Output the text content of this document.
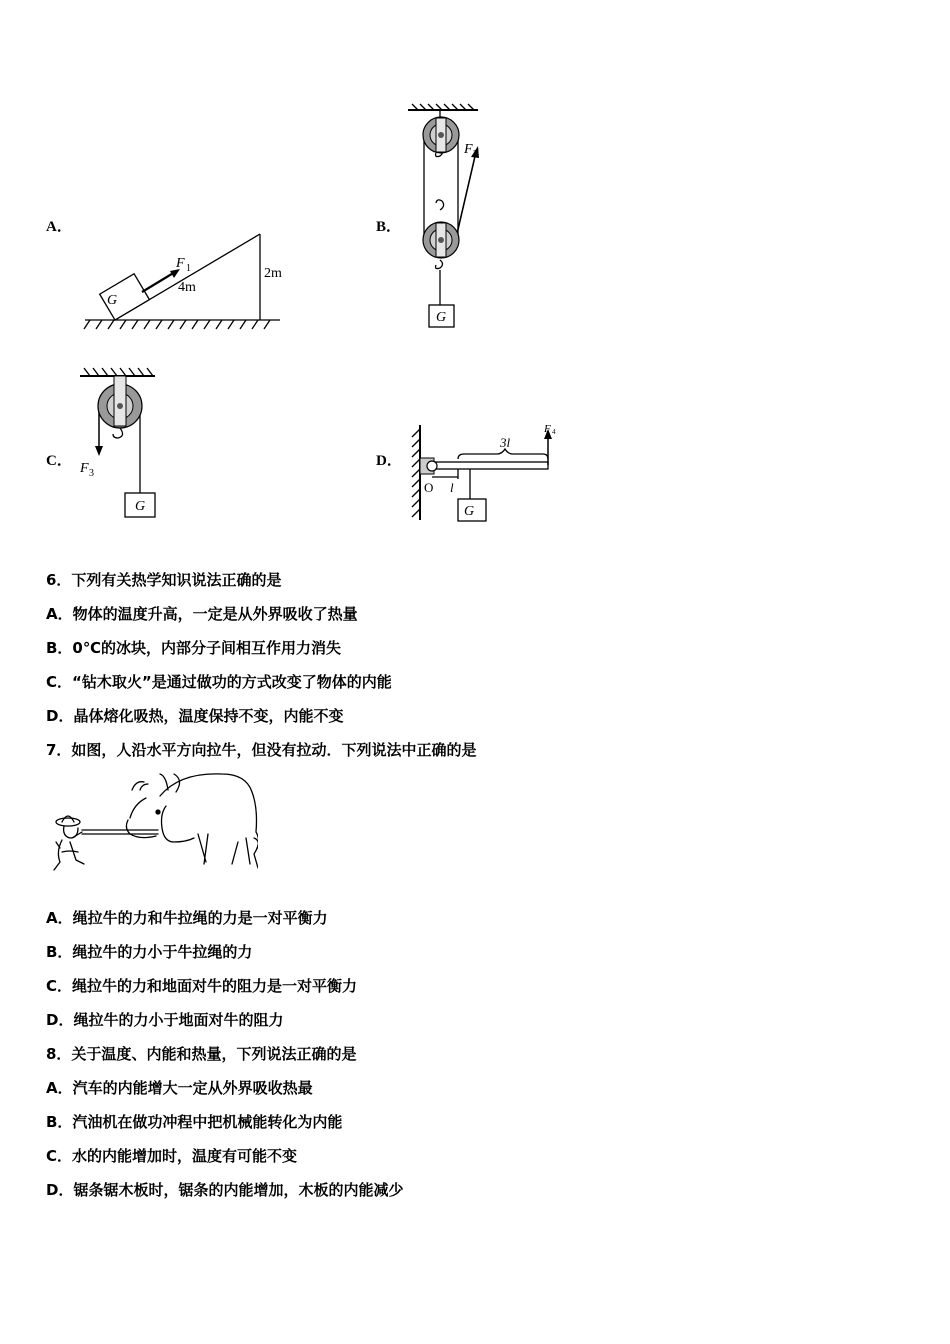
A．	B．
C．	D．
G
F 1
4m
2m
F 2
G
F 3
G
O l
3l
F 4
G
6．下列有关热学知识说法正确的是
A．物体的温度升高，一定是从外界吸收了热量
B．0℃的冰块，内部分子间相互作用力消失
C．“钻木取火”是通过做功的方式改变了物体的内能
D．晶体熔化吸热，温度保持不变，内能不变
7．如图，人沿水平方向拉牛，但没有拉动．下列说法中正确的是
A．绳拉牛的力和牛拉绳的力是一对平衡力
B．绳拉牛的力小于牛拉绳的力
C．绳拉牛的力和地面对牛的阻力是一对平衡力
D．绳拉牛的力小于地面对牛的阻力
8．关于温度、内能和热量，下列说法正确的是
A．汽车的内能增大一定从外界吸收热最
B．汽油机在做功冲程中把机械能转化为内能
C．水的内能增加时，温度有可能不变
D．锯条锯木板时，锯条的内能增加，木板的内能减少
